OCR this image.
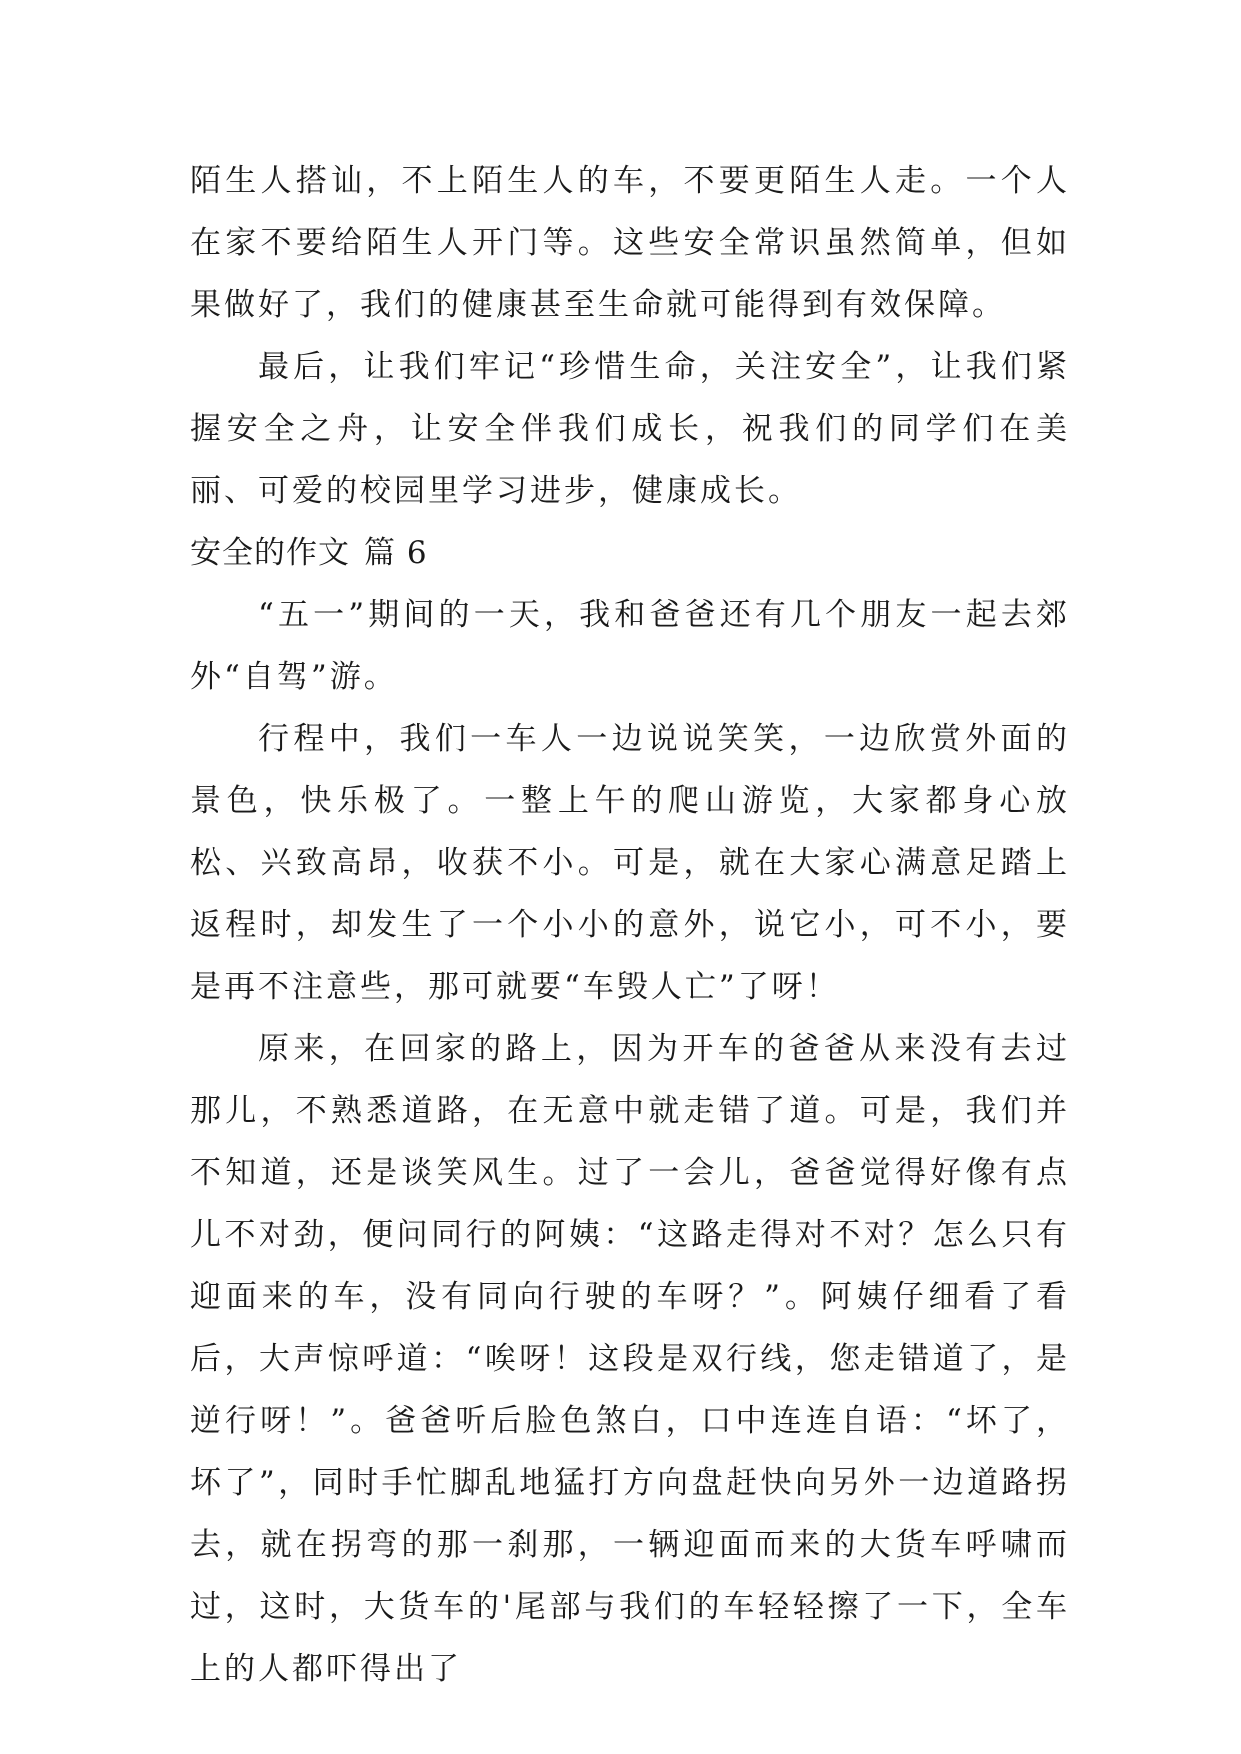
陌生人搭讪，不上陌生人的车，不要更陌生人走。一个人在家不要给陌生人开门等。这些安全常识虽然简单，但如果做好了，我们的健康甚至生命就可能得到有效保障。

最后，让我们牢记“珍惜生命，关注安全”，让我们紧握安全之舟，让安全伴我们成长，祝我们的同学们在美丽、可爱的校园里学习进步，健康成长。

安全的作文 篇 6

“五一”期间的一天，我和爸爸还有几个朋友一起去郊外“自驾”游。

行程中，我们一车人一边说说笑笑，一边欣赏外面的景色，快乐极了。一整上午的爬山游览，大家都身心放松、兴致高昂，收获不小。可是，就在大家心满意足踏上返程时，却发生了一个小小的意外，说它小，可不小，要是再不注意些，那可就要“车毁人亡”了呀！

原来，在回家的路上，因为开车的爸爸从来没有去过那儿，不熟悉道路，在无意中就走错了道。可是，我们并不知道，还是谈笑风生。过了一会儿，爸爸觉得好像有点儿不对劲，便问同行的阿姨：“这路走得对不对？怎么只有迎面来的车，没有同向行驶的车呀？”。阿姨仔细看了看后，大声惊呼道：“唉呀！这段是双行线，您走错道了，是逆行呀！”。爸爸听后脸色煞白，口中连连自语：“坏了，坏了”，同时手忙脚乱地猛打方向盘赶快向另外一边道路拐去，就在拐弯的那一刹那，一辆迎面而来的大货车呼啸而过，这时，大货车的'尾部与我们的车轻轻擦了一下，全车上的人都吓得出了
